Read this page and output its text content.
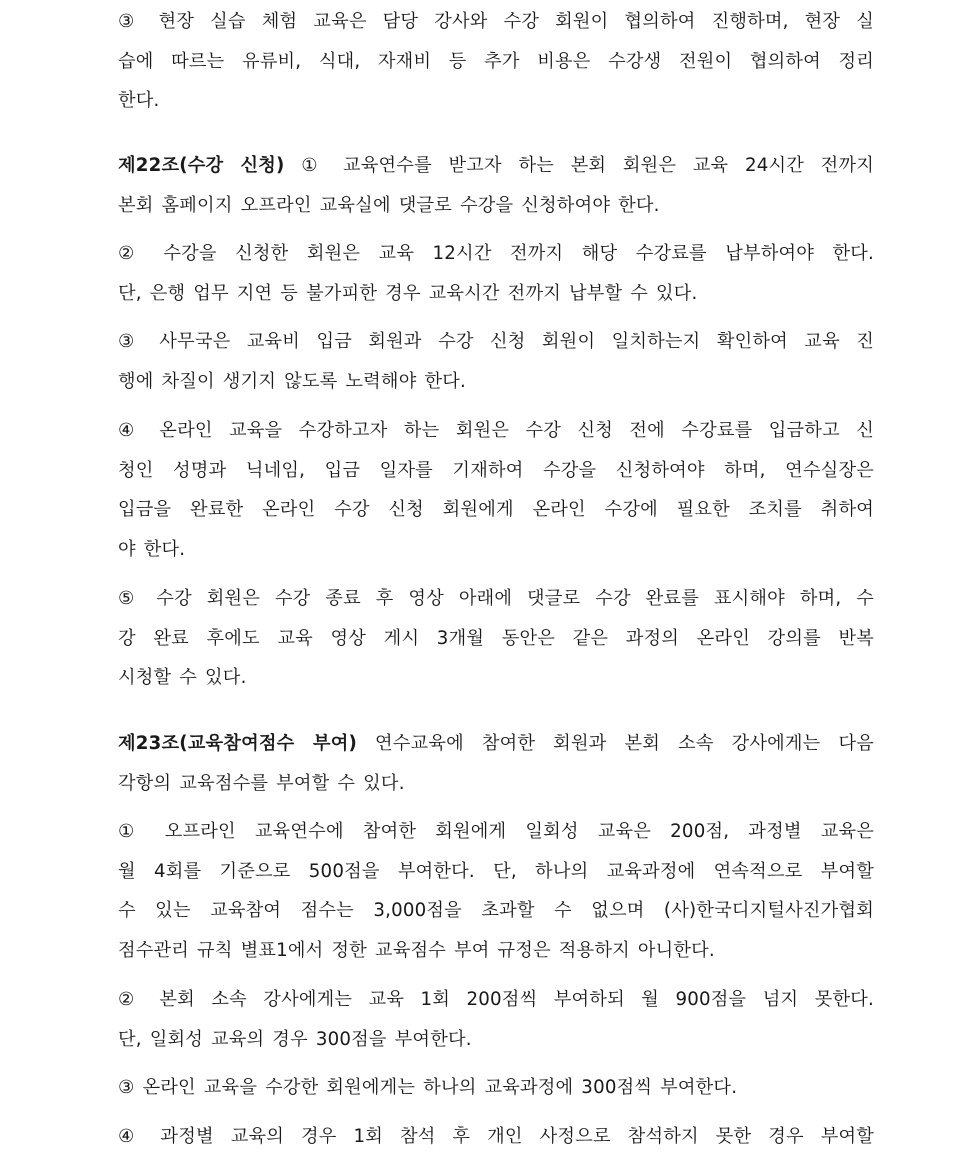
③ 현장 실습 체험 교육은 담당 강사와 수강 회원이 협의하여 진행하며, 현장 실
습에 따르는 유류비, 식대, 자재비 등 추가 비용은 수강생 전원이 협의하여 정리
한다.

제22조(수강 신청) ① 교육연수를 받고자 하는 본회 회원은 교육 24시간 전까지
본회 홈페이지 오프라인 교육실에 댓글로 수강을 신청하여야 한다.

② 수강을 신청한 회원은 교육 12시간 전까지 해당 수강료를 납부하여야 한다.
단, 은행 업무 지연 등 불가피한 경우 교육시간 전까지 납부할 수 있다.

③ 사무국은 교육비 입금 회원과 수강 신청 회원이 일치하는지 확인하여 교육 진
행에 차질이 생기지 않도록 노력해야 한다.

④ 온라인 교육을 수강하고자 하는 회원은 수강 신청 전에 수강료를 입금하고 신
청인 성명과 닉네임, 입금 일자를 기재하여 수강을 신청하여야 하며, 연수실장은
입금을 완료한 온라인 수강 신청 회원에게 온라인 수강에 필요한 조치를 취하여
야 한다.

⑤ 수강 회원은 수강 종료 후 영상 아래에 댓글로 수강 완료를 표시해야 하며, 수
강 완료 후에도 교육 영상 게시 3개월 동안은 같은 과정의 온라인 강의를 반복
시청할 수 있다.

제23조(교육참여점수 부여) 연수교육에 참여한 회원과 본회 소속 강사에게는 다음
각항의 교육점수를 부여할 수 있다.

① 오프라인 교육연수에 참여한 회원에게 일회성 교육은 200점, 과정별 교육은
월 4회를 기준으로 500점을 부여한다. 단, 하나의 교육과정에 연속적으로 부여할
수 있는 교육참여 점수는 3,000점을 초과할 수 없으며 (사)한국디지털사진가협회
점수관리 규칙 별표1에서 정한 교육점수 부여 규정은 적용하지 아니한다.

② 본회 소속 강사에게는 교육 1회 200점씩 부여하되 월 900점을 넘지 못한다.
단, 일회성 교육의 경우 300점을 부여한다.

③ 온라인 교육을 수강한 회원에게는 하나의 교육과정에 300점씩 부여한다.

④ 과정별 교육의 경우 1회 참석 후 개인 사정으로 참석하지 못한 경우 부여할
